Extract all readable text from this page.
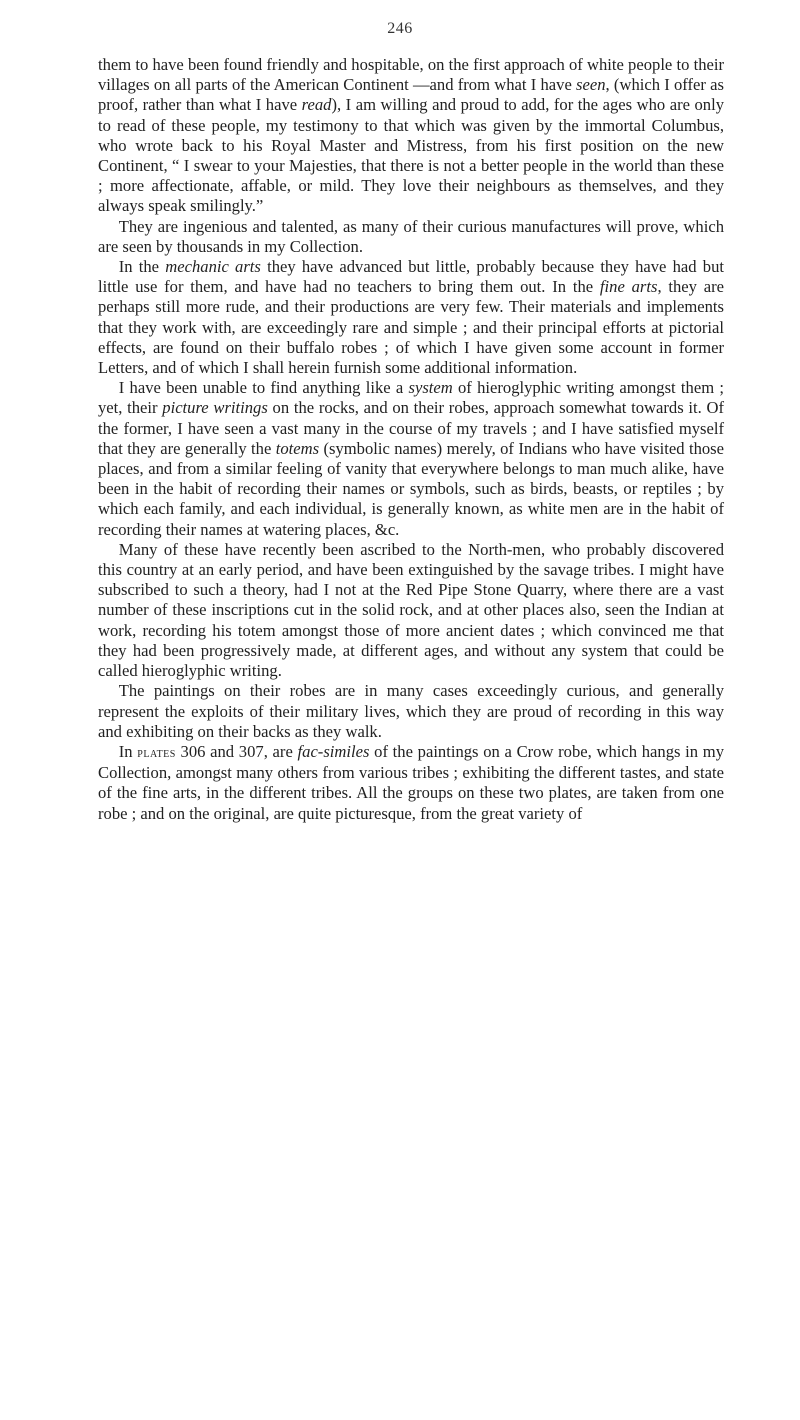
246

them to have been found friendly and hospitable, on the first approach of white people to their villages on all parts of the American Continent —and from what I have seen, (which I offer as proof, rather than what I have read), I am willing and proud to add, for the ages who are only to read of these people, my testimony to that which was given by the immortal Columbus, who wrote back to his Royal Master and Mistress, from his first position on the new Continent, “ I swear to your Majesties, that there is not a better people in the world than these ; more affectionate, affable, or mild. They love their neighbours as themselves, and they always speak smilingly.”

They are ingenious and talented, as many of their curious manufactures will prove, which are seen by thousands in my Collection.

In the mechanic arts they have advanced but little, probably because they have had but little use for them, and have had no teachers to bring them out. In the fine arts, they are perhaps still more rude, and their productions are very few. Their materials and implements that they work with, are exceedingly rare and simple ; and their principal efforts at pictorial effects, are found on their buffalo robes ; of which I have given some account in former Letters, and of which I shall herein furnish some additional information.

I have been unable to find anything like a system of hieroglyphic writing amongst them ; yet, their picture writings on the rocks, and on their robes, approach somewhat towards it. Of the former, I have seen a vast many in the course of my travels ; and I have satisfied myself that they are generally the totems (symbolic names) merely, of Indians who have visited those places, and from a similar feeling of vanity that everywhere belongs to man much alike, have been in the habit of recording their names or symbols, such as birds, beasts, or reptiles ; by which each family, and each individual, is generally known, as white men are in the habit of recording their names at watering places, &c.

Many of these have recently been ascribed to the North-men, who probably discovered this country at an early period, and have been extinguished by the savage tribes. I might have subscribed to such a theory, had I not at the Red Pipe Stone Quarry, where there are a vast number of these inscriptions cut in the solid rock, and at other places also, seen the Indian at work, recording his totem amongst those of more ancient dates ; which convinced me that they had been progressively made, at different ages, and without any system that could be called hieroglyphic writing.

The paintings on their robes are in many cases exceedingly curious, and generally represent the exploits of their military lives, which they are proud of recording in this way and exhibiting on their backs as they walk.

In plates 306 and 307, are fac-similes of the paintings on a Crow robe, which hangs in my Collection, amongst many others from various tribes ; exhibiting the different tastes, and state of the fine arts, in the different tribes. All the groups on these two plates, are taken from one robe ; and on the original, are quite picturesque, from the great variety of
